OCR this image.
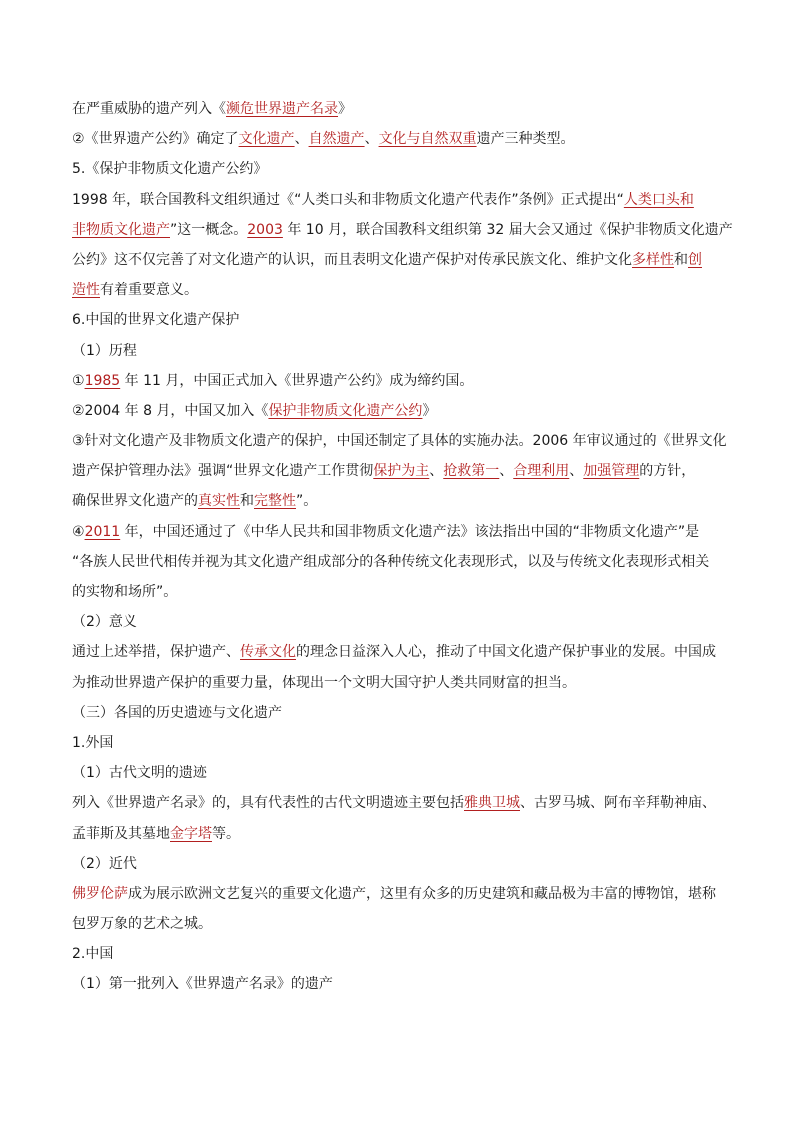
在严重威胁的遗产列入《濒危世界遗产名录》
②《世界遗产公约》确定了文化遗产、自然遗产、文化与自然双重遗产三种类型。
5.《保护非物质文化遗产公约》
1998 年，联合国教科文组织通过《“人类口头和非物质文化遗产代表作”条例》正式提出“人类口头和
非物质文化遗产”这一概念。2003 年 10 月，联合国教科文组织第 32 届大会又通过《保护非物质文化遗产
公约》这不仅完善了对文化遗产的认识，而且表明文化遗产保护对传承民族文化、维护文化多样性和创
造性有着重要意义。
6.中国的世界文化遗产保护
（1）历程
①1985 年 11 月，中国正式加入《世界遗产公约》成为缔约国。
②2004 年 8 月，中国又加入《保护非物质文化遗产公约》
③针对文化遗产及非物质文化遗产的保护，中国还制定了具体的实施办法。2006 年审议通过的《世界文化
遗产保护管理办法》强调“世界文化遗产工作贯彻保护为主、抢救第一、合理利用、加强管理的方针，
确保世界文化遗产的真实性和完整性”。
④2011 年，中国还通过了《中华人民共和国非物质文化遗产法》该法指出中国的“非物质文化遗产”是
“各族人民世代相传并视为其文化遗产组成部分的各种传统文化表现形式，以及与传统文化表现形式相关
的实物和场所”。
（2）意义
通过上述举措，保护遗产、传承文化的理念日益深入人心，推动了中国文化遗产保护事业的发展。中国成
为推动世界遗产保护的重要力量，体现出一个文明大国守护人类共同财富的担当。
（三）各国的历史遗迹与文化遗产
1.外国
（1）古代文明的遗迹
列入《世界遗产名录》的，具有代表性的古代文明遗迹主要包括雅典卫城、古罗马城、阿布辛拜勒神庙、
孟菲斯及其墓地金字塔等。
（2）近代
佛罗伦萨成为展示欧洲文艺复兴的重要文化遗产，这里有众多的历史建筑和藏品极为丰富的博物馆，堪称
包罗万象的艺术之城。
2.中国
（1）第一批列入《世界遗产名录》的遗产
